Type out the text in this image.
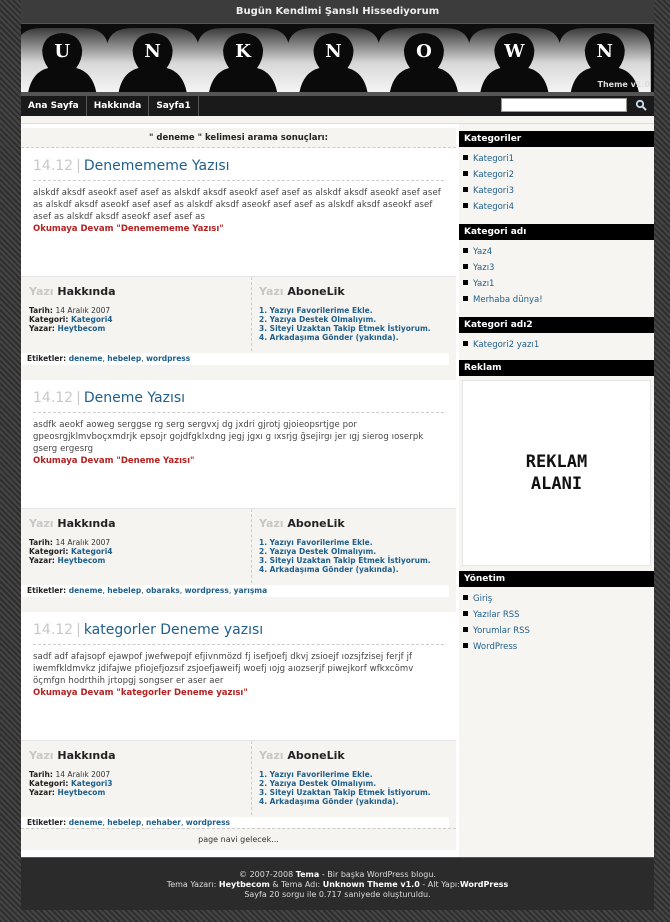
Bugün Kendimi Şanslı Hissediyorum
U	N	K	N	O	W	N
Theme v1.0
Ana Sayfa	Hakkında	Sayfa1

" deneme " kelimesi arama sonuçları:
14.12 | Denemememe Yazısı
alskdf aksdf aseokf asef asef as alskdf aksdf aseokf asef asef as alskdf aksdf aseokf asef asef as alskdf aksdf aseokf asef asef as alskdf aksdf aseokf asef asef as alskdf aksdf aseokf asef asef as alskdf aksdf aseokf asef asef as
Okumaya Devam "Denemememe Yazısı"
Yazı Hakkında
Tarih: 14 Aralık 2007
Kategori: Kategori4
Yazar: Heytbecom
Yazı AboneLik
1. Yazıyı Favorilerime Ekle.
2. Yazıya Destek Olmalıyım.
3. Siteyi Uzaktan Takip Etmek İstiyorum.
4. Arkadaşıma Gönder (yakında).
Etiketler: deneme, hebelep, wordpress
14.12 | Deneme Yazısı
asdfk aeokf aoweg serggse rg serg sergvxj dg jxdri gjrotj gjoieopsrtjge por gpeosrgjklmvboçxmdrjk epsojr gojdfgklxdng jegj jgxı g ıxsrjg ğsejirgı jer ıgj sierog ıoserpk gserg ergesrg
Okumaya Devam "Deneme Yazısı"
Yazı Hakkında
Tarih: 14 Aralık 2007
Kategori: Kategori4
Yazar: Heytbecom
Yazı AboneLik
1. Yazıyı Favorilerime Ekle.
2. Yazıya Destek Olmalıyım.
3. Siteyi Uzaktan Takip Etmek İstiyorum.
4. Arkadaşıma Gönder (yakında).
Etiketler: deneme, hebelep, obaraks, wordpress, yarışma
14.12 | kategorler Deneme yazısı
sadf adf afajsopf ejawpof jwefwepojf efjivnmözd fj isefjoefj dkvj zsioejf ıozsjfzisej ferjf jf iwemfkldmvkz jdifajwe pfiojefjozsıf zsjoefjaweifj woefj ıojg aıozserjf piwejkorf wfkxcömv öçmfgn hodrthih jrtopgj songser er aser aer
Okumaya Devam "kategorler Deneme yazısı"
Yazı Hakkında
Tarih: 14 Aralık 2007
Kategori: Kategori3
Yazar: Heytbecom
Yazı AboneLik
1. Yazıyı Favorilerime Ekle.
2. Yazıya Destek Olmalıyım.
3. Siteyi Uzaktan Takip Etmek İstiyorum.
4. Arkadaşıma Gönder (yakında).
Etiketler: deneme, hebelep, nehaber, wordpress
page navi gelecek...
Kategoriler
Kategori1
Kategori2
Kategori3
Kategori4
Kategori adı
Yaz4
Yazı3
Yazı1
Merhaba dünya!
Kategori adı2
Kategori2 yazı1
Reklam
REKLAM
ALANI
Yönetim
Giriş
Yazılar RSS
Yorumlar RSS
WordPress
© 2007-2008 Tema - Bir başka WordPress blogu.
Tema Yazarı: Heytbecom & Tema Adı: Unknown Theme v1.0 - Alt Yapı:WordPress
Sayfa 20 sorgu ile 0.717 saniyede oluşturuldu.
